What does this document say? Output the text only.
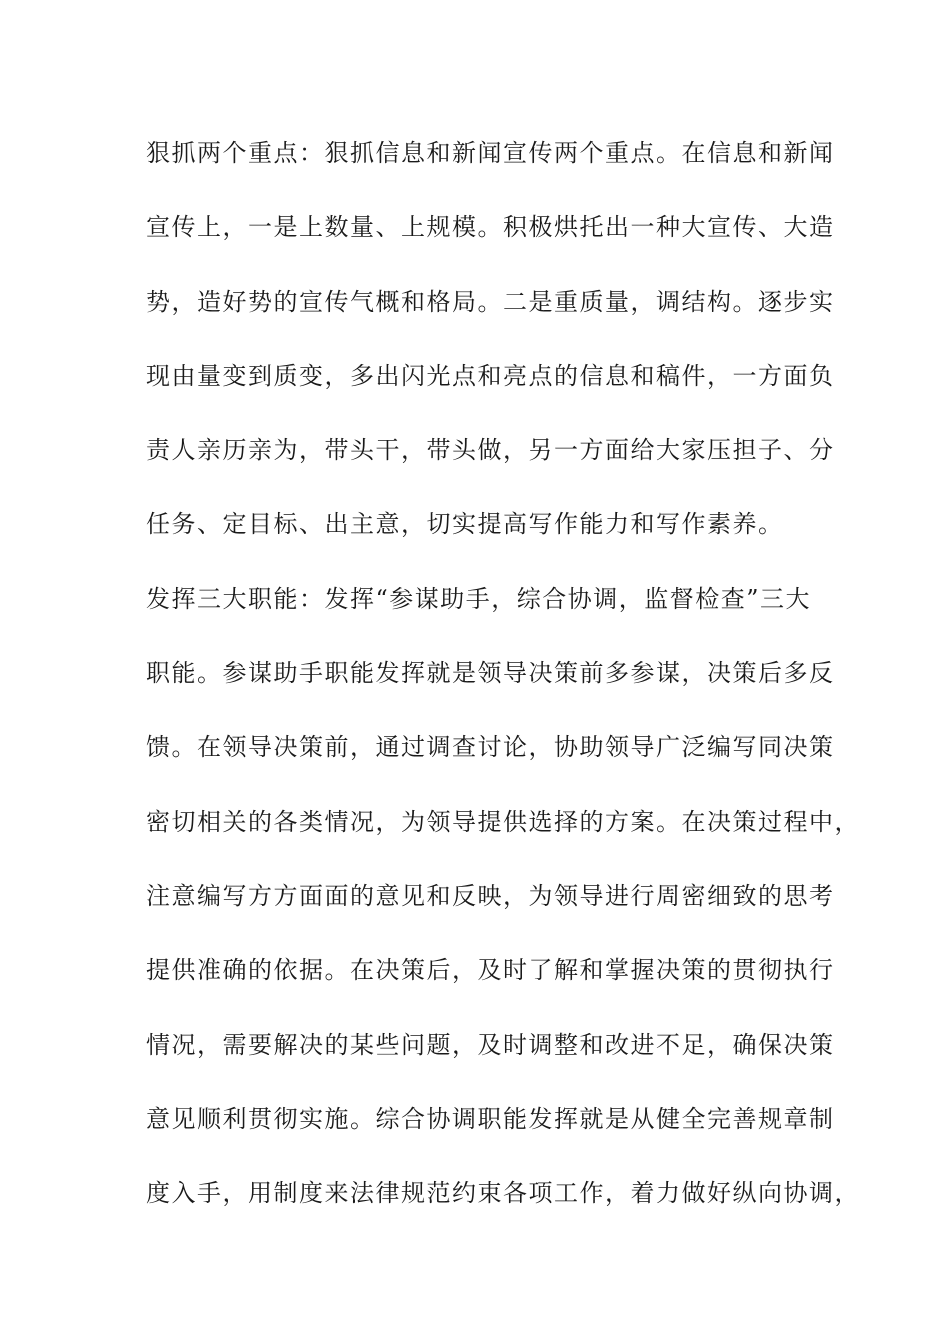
狠抓两个重点：狠抓信息和新闻宣传两个重点。在信息和新闻
宣传上，一是上数量、上规模。积极烘托出一种大宣传、大造
势，造好势的宣传气概和格局。二是重质量，调结构。逐步实
现由量变到质变，多出闪光点和亮点的信息和稿件，一方面负
责人亲历亲为，带头干，带头做，另一方面给大家压担子、分
任务、定目标、出主意，切实提高写作能力和写作素养。
发挥三大职能：发挥“参谋助手，综合协调，监督检查”三大
职能。参谋助手职能发挥就是领导决策前多参谋，决策后多反
馈。在领导决策前，通过调查讨论，协助领导广泛编写同决策
密切相关的各类情况，为领导提供选择的方案。在决策过程中，
注意编写方方面面的意见和反映，为领导进行周密细致的思考
提供准确的依据。在决策后，及时了解和掌握决策的贯彻执行
情况，需要解决的某些问题，及时调整和改进不足，确保决策
意见顺利贯彻实施。综合协调职能发挥就是从健全完善规章制
度入手，用制度来法律规范约束各项工作，着力做好纵向协调，
